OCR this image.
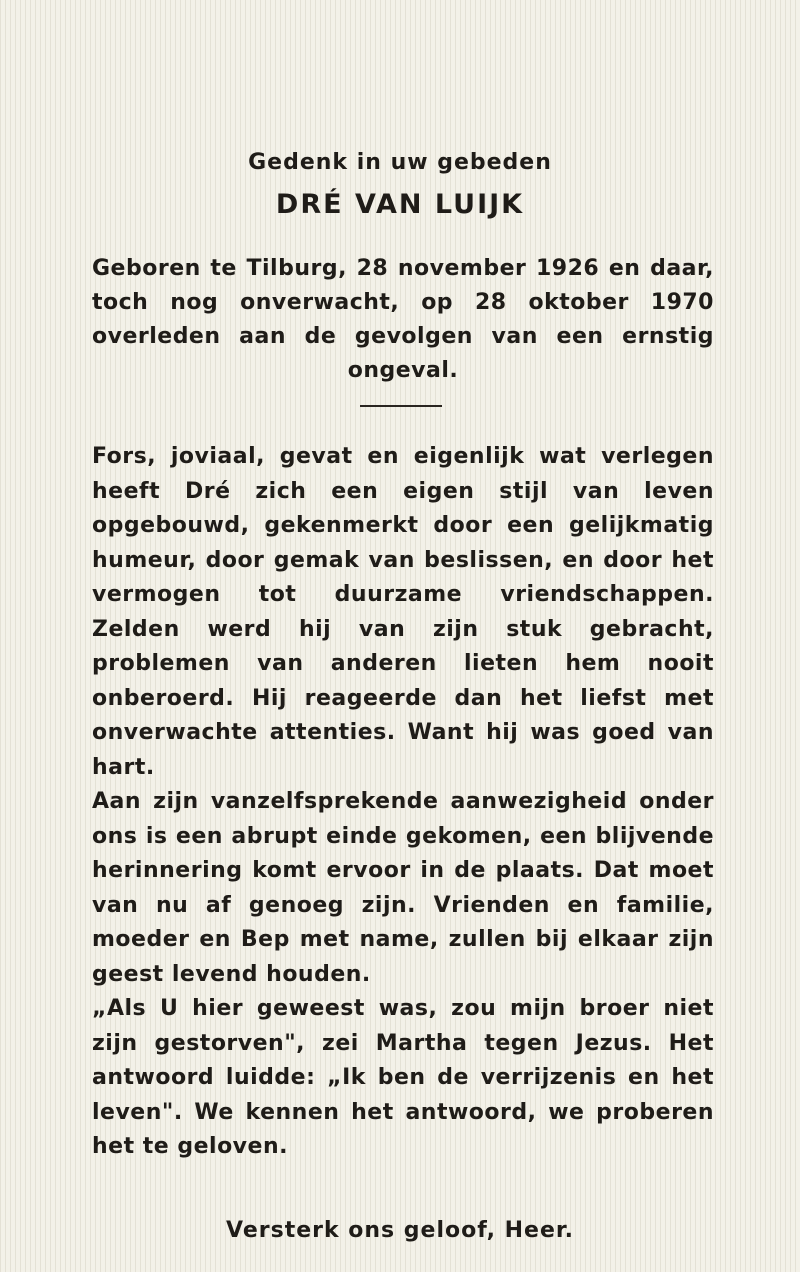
Gedenk in uw gebeden

DRÉ VAN LUIJK

Geboren te Tilburg, 28 november 1926 en daar, toch nog onverwacht, op 28 oktober 1970 overleden aan de gevolgen van een ernstig ongeval.

Fors, joviaal, gevat en eigenlijk wat verlegen heeft Dré zich een eigen stijl van leven opgebouwd, gekenmerkt door een gelijkmatig humeur, door gemak van beslissen, en door het vermogen tot duurzame vriendschappen. Zelden werd hij van zijn stuk gebracht, problemen van anderen lieten hem nooit onberoerd. Hij reageerde dan het liefst met onverwachte attenties. Want hij was goed van hart.

Aan zijn vanzelfsprekende aanwezigheid onder ons is een abrupt einde gekomen, een blijvende herinnering komt ervoor in de plaats. Dat moet van nu af genoeg zijn. Vrienden en familie, moeder en Bep met name, zullen bij elkaar zijn geest levend houden.

„Als U hier geweest was, zou mijn broer niet zijn gestorven", zei Martha tegen Jezus. Het antwoord luidde: „Ik ben de verrijzenis en het leven". We kennen het antwoord, we proberen het te geloven.

Versterk ons geloof, Heer.
